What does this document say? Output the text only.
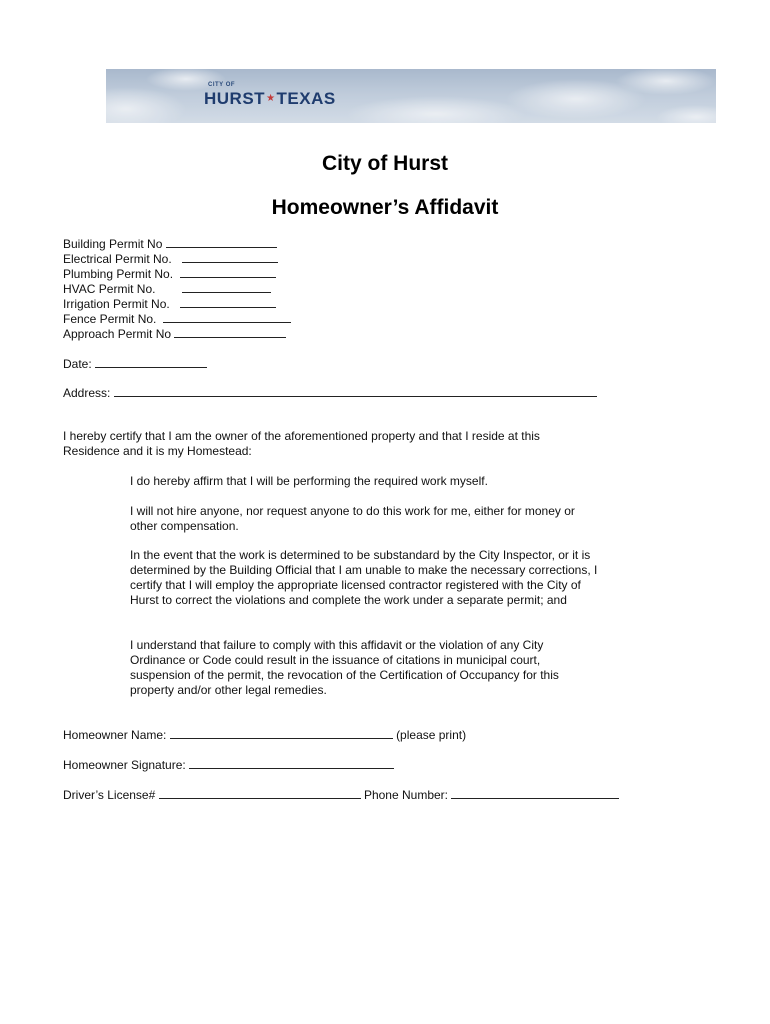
CITY OF
HURST★TEXAS
City of Hurst
Homeowner’s Affidavit

Building Permit No

Electrical Permit No.

Plumbing Permit No.

HVAC Permit No.

Irrigation Permit No.

Fence Permit No.

Approach Permit No

Date:

Address:

I hereby certify that I am the owner of the aforementioned property and that I reside at this Residence and it is my Homestead:

I do hereby affirm that I will be performing the required work myself.

I will not hire anyone, nor request anyone to do this work for me, either for money or other compensation.

In the event that the work is determined to be substandard by the City Inspector, or it is determined by the Building Official that I am unable to make the necessary corrections, I certify that I will employ the appropriate licensed contractor registered with the City of Hurst to correct the violations and complete the work under a separate permit; and

I understand that failure to comply with this affidavit or the violation of any City Ordinance or Code could result in the issuance of citations in municipal court, suspension of the permit, the revocation of the Certification of Occupancy for this property and/or other legal remedies.

Homeowner Name:	(please print)

Homeowner Signature:

Driver’s License#	Phone Number:
